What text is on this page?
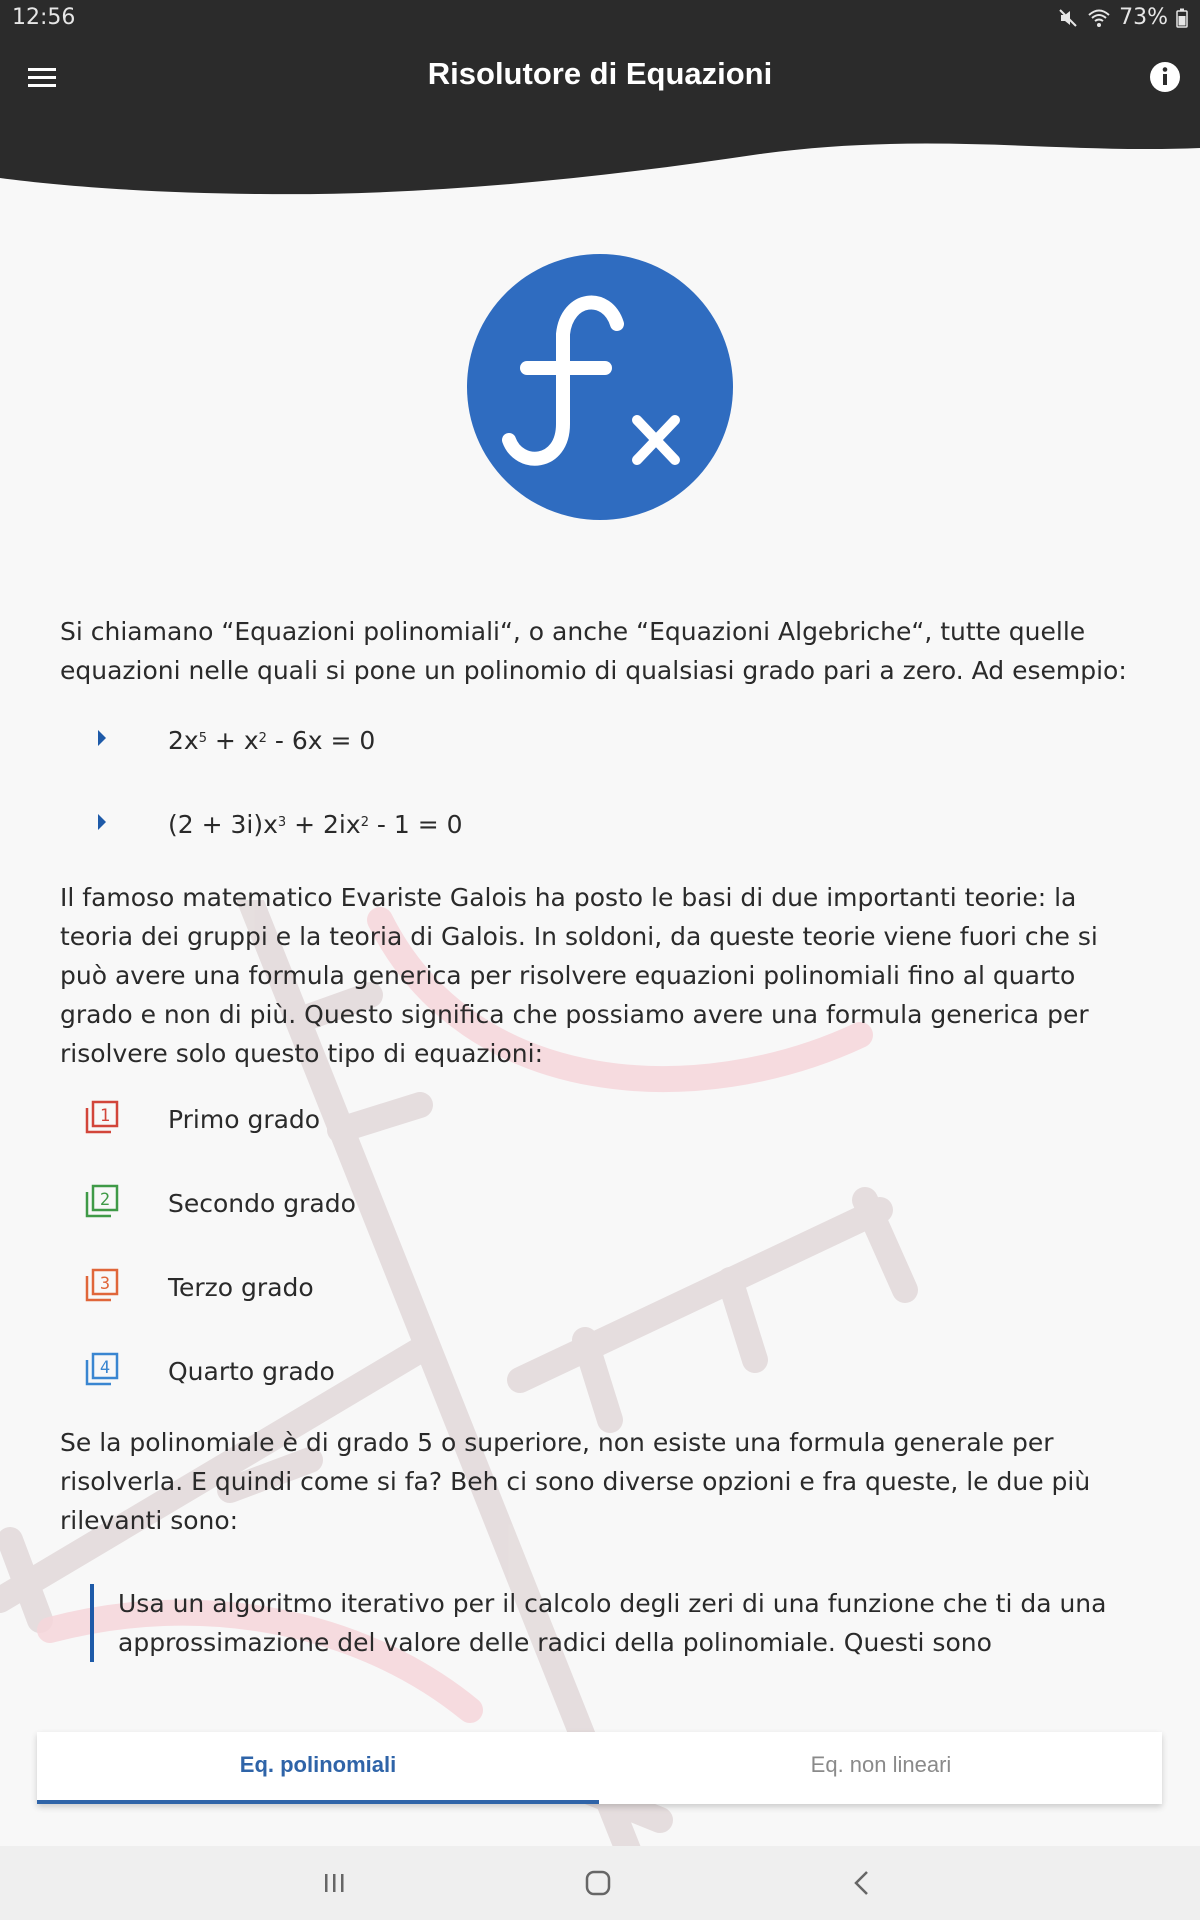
12:56	73%
Risolutore di Equazioni

Si chiamano “Equazioni polinomiali“, o anche “Equazioni Algebriche“, tutte quelle equazioni nelle quali si pone un polinomio di qualsiasi grado pari a zero. Ad esempio:

$2x^5 + x^2 - 6x = 0$
$(2 + 3i)x^3 + 2ix^2 - 1 = 0$

Il famoso matematico Evariste Galois ha posto le basi di due importanti teorie: la teoria dei gruppi e la teoria di Galois. In soldoni, da queste teorie viene fuori che si può avere una formula generica per risolvere equazioni polinomiali fino al quarto grado e non di più. Questo significa che possiamo avere una formula generica per risolvere solo questo tipo di equazioni:

1 Primo grado
2 Secondo grado
3 Terzo grado
4 Quarto grado

Se la polinomiale è di grado 5 o superiore, non esiste una formula generale per risolverla. E quindi come si fa? Beh ci sono diverse opzioni e fra queste, le due più rilevanti sono:

Usa un algoritmo iterativo per il calcolo degli zeri di una funzione che ti da una approssimazione del valore delle radici della polinomiale. Questi sono

Eq. polinomiali	Eq. non lineari
